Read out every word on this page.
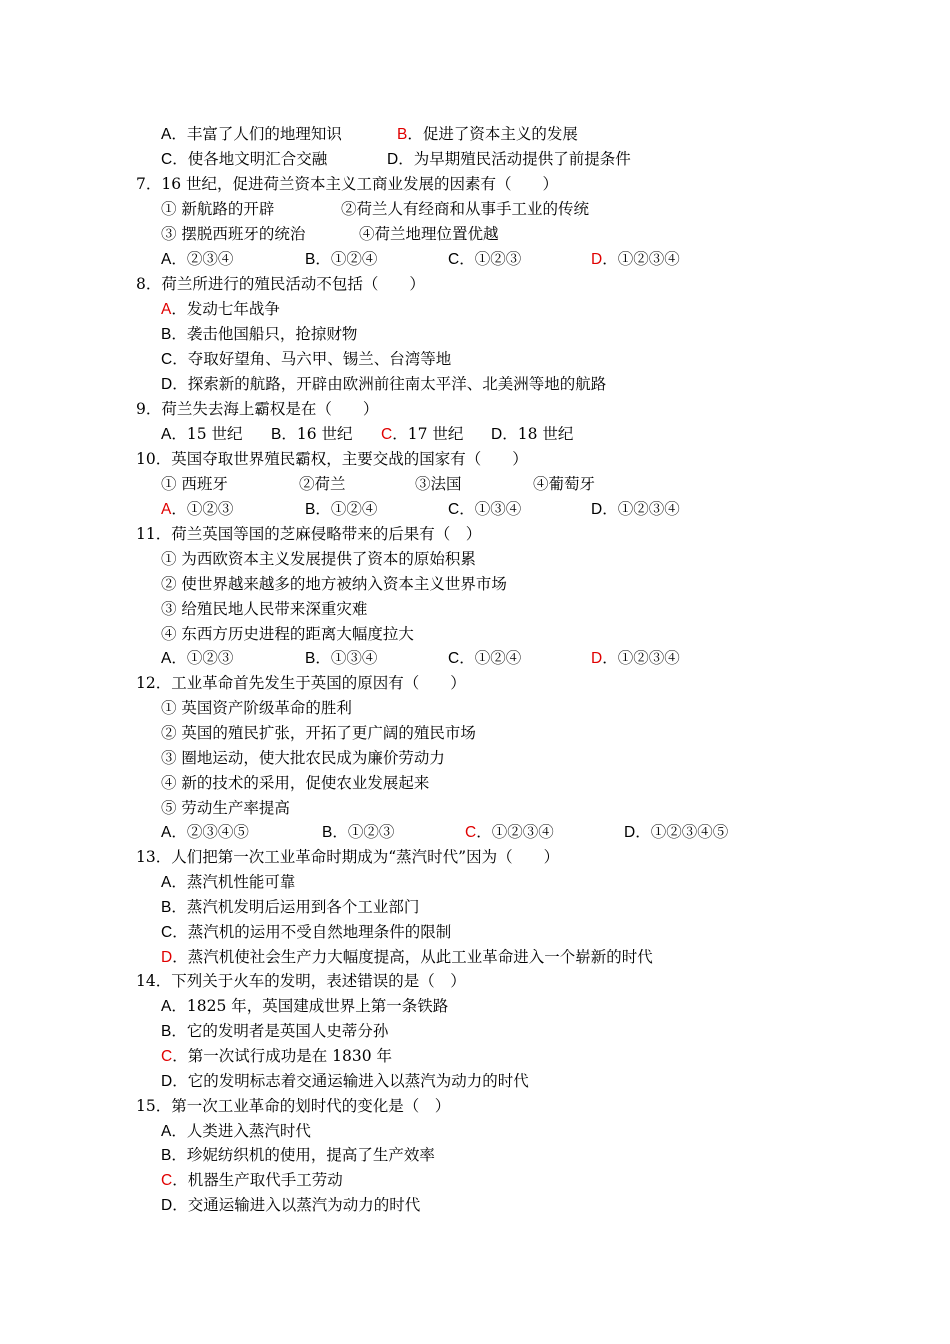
A．丰富了人们的地理知识	B．促进了资本主义的发展
C．使各地文明汇合交融	D．为早期殖民活动提供了前提条件
7．16 世纪，促进荷兰资本主义工商业发展的因素有（　　）
① 新航路的开辟	②荷兰人有经商和从事手工业的传统
③ 摆脱西班牙的统治	④荷兰地理位置优越
A．②③④	B．①②④	C．①②③	D．①②③④
8．荷兰所进行的殖民活动不包括（　　）
A．发动七年战争
B．袭击他国船只，抢掠财物
C．夺取好望角、马六甲、锡兰、台湾等地
D．探索新的航路，开辟由欧洲前往南太平洋、北美洲等地的航路
9．荷兰失去海上霸权是在（　　）
A．15 世纪 B．16 世纪 C．17 世纪 D．18 世纪
10．英国夺取世界殖民霸权，主要交战的国家有（　　）
① 西班牙	②荷兰	③法国	④葡萄牙
A．①②③	B．①②④	C．①③④	D．①②③④
11．荷兰英国等国的芝麻侵略带来的后果有（　）
① 为西欧资本主义发展提供了资本的原始积累
② 使世界越来越多的地方被纳入资本主义世界市场
③ 给殖民地人民带来深重灾难
④ 东西方历史进程的距离大幅度拉大
A．①②③	B．①③④	C．①②④	D．①②③④
12．工业革命首先发生于英国的原因有（　　）
① 英国资产阶级革命的胜利
② 英国的殖民扩张，开拓了更广阔的殖民市场
③ 圈地运动，使大批农民成为廉价劳动力
④ 新的技术的采用，促使农业发展起来
⑤ 劳动生产率提高
A．②③④⑤	B．①②③	C．①②③④	D．①②③④⑤
13．人们把第一次工业革命时期成为“蒸汽时代”因为（　　）
A．蒸汽机性能可靠
B．蒸汽机发明后运用到各个工业部门
C．蒸汽机的运用不受自然地理条件的限制
D．蒸汽机使社会生产力大幅度提高，从此工业革命进入一个崭新的时代
14．下列关于火车的发明，表述错误的是（　）
A．1825 年，英国建成世界上第一条铁路
B．它的发明者是英国人史蒂分孙
C．第一次试行成功是在 1830 年
D．它的发明标志着交通运输进入以蒸汽为动力的时代
15．第一次工业革命的划时代的变化是（　）
A．人类进入蒸汽时代
B．珍妮纺织机的使用，提高了生产效率
C．机器生产取代手工劳动
D．交通运输进入以蒸汽为动力的时代
